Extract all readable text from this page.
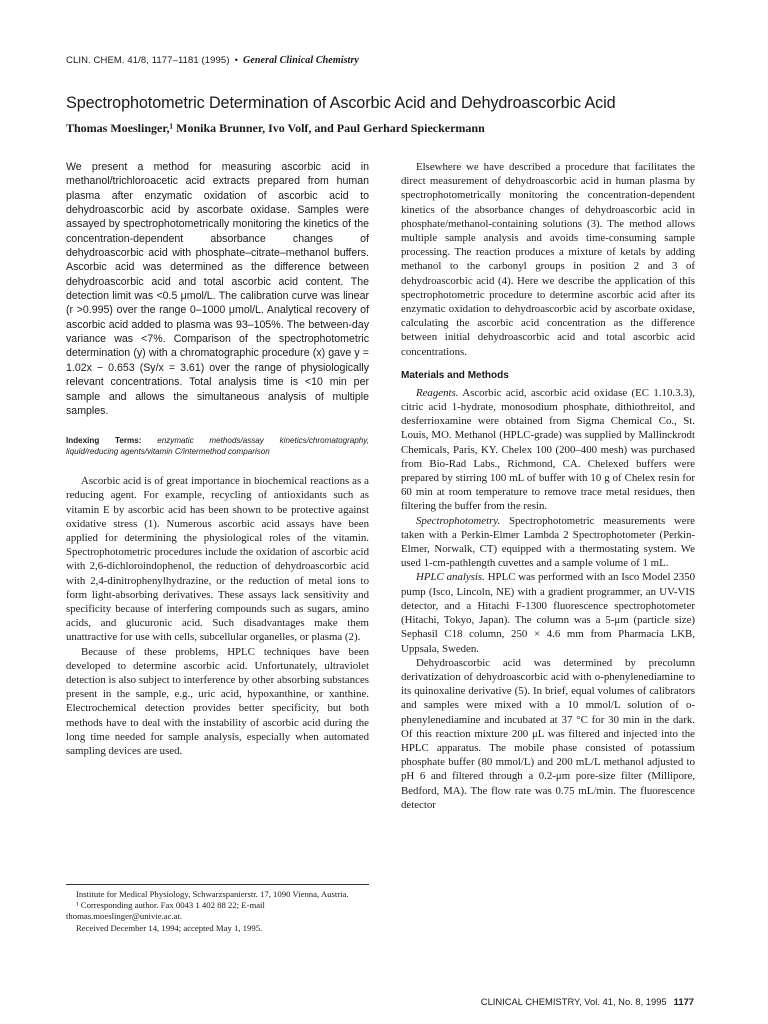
CLIN. CHEM. 41/8, 1177–1181 (1995) • General Clinical Chemistry
Spectrophotometric Determination of Ascorbic Acid and Dehydroascorbic Acid
Thomas Moeslinger,¹ Monika Brunner, Ivo Volf, and Paul Gerhard Spieckermann

We present a method for measuring ascorbic acid in methanol/trichloroacetic acid extracts prepared from human plasma after enzymatic oxidation of ascorbic acid to dehydroascorbic acid by ascorbate oxidase. Samples were assayed by spectrophotometrically monitoring the kinetics of the concentration-dependent absorbance changes of dehydroascorbic acid with phosphate–citrate–methanol buffers. Ascorbic acid was determined as the difference between dehydroascorbic acid and total ascorbic acid content. The detection limit was <0.5 μmol/L. The calibration curve was linear (r >0.995) over the range 0–1000 μmol/L. Analytical recovery of ascorbic acid added to plasma was 93–105%. The between-day variance was <7%. Comparison of the spectrophotometric determination (y) with a chromatographic procedure (x) gave y = 1.02x − 0.653 (Sy/x = 3.61) over the range of physiologically relevant concentrations. Total analysis time is <10 min per sample and allows the simultaneous analysis of multiple samples.

Indexing Terms: enzymatic methods/assay kinetics/chromatography, liquid/reducing agents/vitamin C/intermethod comparison

Ascorbic acid is of great importance in biochemical reactions as a reducing agent. For example, recycling of antioxidants such as vitamin E by ascorbic acid has been shown to be protective against oxidative stress (1). Numerous ascorbic acid assays have been applied for determining the physiological roles of the vitamin. Spectrophotometric procedures include the oxidation of ascorbic acid with 2,6-dichloroindophenol, the reduction of dehydroascorbic acid with 2,4-dinitrophenylhydrazine, or the reduction of metal ions to form light-absorbing derivatives. These assays lack sensitivity and specificity because of interfering compounds such as sugars, amino acids, and glucuronic acid. Such disadvantages make them unattractive for use with cells, subcellular organelles, or plasma (2).

Because of these problems, HPLC techniques have been developed to determine ascorbic acid. Unfortunately, ultraviolet detection is also subject to interference by other absorbing substances present in the sample, e.g., uric acid, hypoxanthine, or xanthine. Electrochemical detection provides better specificity, but both methods have to deal with the instability of ascorbic acid during the long time needed for sample analysis, especially when automated sampling devices are used.

Institute for Medical Physiology, Schwarzspanierstr. 17, 1090 Vienna, Austria.

¹ Corresponding author. Fax 0043 1 402 88 22; E-mail thomas.moeslinger@univie.ac.at.

Received December 14, 1994; accepted May 1, 1995.

Elsewhere we have described a procedure that facilitates the direct measurement of dehydroascorbic acid in human plasma by spectrophotometrically monitoring the concentration-dependent kinetics of the absorbance changes of dehydroascorbic acid in phosphate/methanol-containing solutions (3). The method allows multiple sample analysis and avoids time-consuming sample processing. The reaction produces a mixture of ketals by adding methanol to the carbonyl groups in position 2 and 3 of dehydroascorbic acid (4). Here we describe the application of this spectrophotometric procedure to determine ascorbic acid after its enzymatic oxidation to dehydroascorbic acid by ascorbate oxidase, calculating the ascorbic acid concentration as the difference between initial dehydroascorbic acid and total ascorbic acid concentrations.

Materials and Methods

Reagents. Ascorbic acid, ascorbic acid oxidase (EC 1.10.3.3), citric acid 1-hydrate, monosodium phosphate, dithiothreitol, and desferrioxamine were obtained from Sigma Chemical Co., St. Louis, MO. Methanol (HPLC-grade) was supplied by Mallinckrodt Chemicals, Paris, KY. Chelex 100 (200–400 mesh) was purchased from Bio-Rad Labs., Richmond, CA. Chelexed buffers were prepared by stirring 100 mL of buffer with 10 g of Chelex resin for 60 min at room temperature to remove trace metal residues, then filtering the buffer from the resin.

Spectrophotometry. Spectrophotometric measurements were taken with a Perkin-Elmer Lambda 2 Spectrophotometer (Perkin-Elmer, Norwalk, CT) equipped with a thermostating system. We used 1-cm-pathlength cuvettes and a sample volume of 1 mL.

HPLC analysis. HPLC was performed with an Isco Model 2350 pump (Isco, Lincoln, NE) with a gradient programmer, an UV-VIS detector, and a Hitachi F-1300 fluorescence spectrophotometer (Hitachi, Tokyo, Japan). The column was a 5-μm (particle size) Sephasil C18 column, 250 × 4.6 mm from Pharmacia LKB, Uppsala, Sweden.

Dehydroascorbic acid was determined by precolumn derivatization of dehydroascorbic acid with o-phenylenediamine to its quinoxaline derivative (5). In brief, equal volumes of calibrators and samples were mixed with a 10 mmol/L solution of o-phenylenediamine and incubated at 37 °C for 30 min in the dark. Of this reaction mixture 200 μL was filtered and injected into the HPLC apparatus. The mobile phase consisted of potassium phosphate buffer (80 mmol/L) and 200 mL/L methanol adjusted to pH 6 and filtered through a 0.2-μm pore-size filter (Millipore, Bedford, MA). The flow rate was 0.75 mL/min. The fluorescence detector

CLINICAL CHEMISTRY, Vol. 41, No. 8, 1995 1177
